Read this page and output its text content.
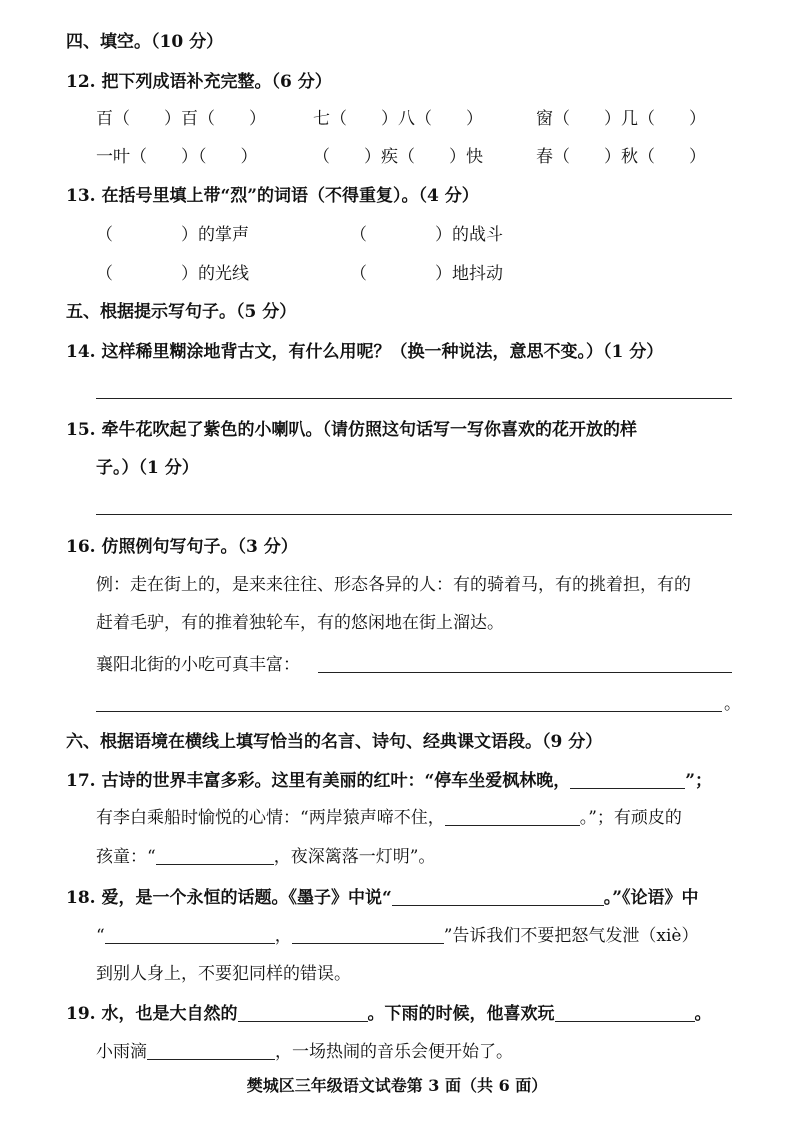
四、填空。（10 分）
12. 把下列成语补充完整。（6 分）
百（　　）百（　　）	七（　　）八（　　）	窗（　　）几（　　）
一叶（　　）（　　）	（　　）疾（　　）快	春（　　）秋（　　）
13. 在括号里填上带“烈”的词语（不得重复）。（4 分）
（　　　　）的掌声	（　　　　）的战斗
（　　　　）的光线	（　　　　）地抖动
五、根据提示写句子。（5 分）
14. 这样稀里糊涂地背古文，有什么用呢？（换一种说法，意思不变。）（1 分）
15. 牵牛花吹起了紫色的小喇叭。（请仿照这句话写一写你喜欢的花开放的样
子。）（1 分）
16. 仿照例句写句子。（3 分）
例：走在街上的，是来来往往、形态各异的人：有的骑着马，有的挑着担，有的
赶着毛驴，有的推着独轮车，有的悠闲地在街上溜达。
襄阳北街的小吃可真丰富：
。
六、根据语境在横线上填写恰当的名言、诗句、经典课文语段。（9 分）
17. 古诗的世界丰富多彩。这里有美丽的红叶：“停车坐爱枫林晚，	”；
有李白乘船时愉悦的心情：“两岸猿声啼不住，	。”；有顽皮的
孩童：“	，夜深篱落一灯明”。
18. 爱，是一个永恒的话题。《墨子》中说“	。”《论语》中
“	，	”告诉我们不要把怒气发泄（xiè）
到别人身上，不要犯同样的错误。
19. 水，也是大自然的	。下雨的时候，他喜欢玩	。
小雨滴	，一场热闹的音乐会便开始了。
樊城区三年级语文试卷第 3 面（共 6 面）
